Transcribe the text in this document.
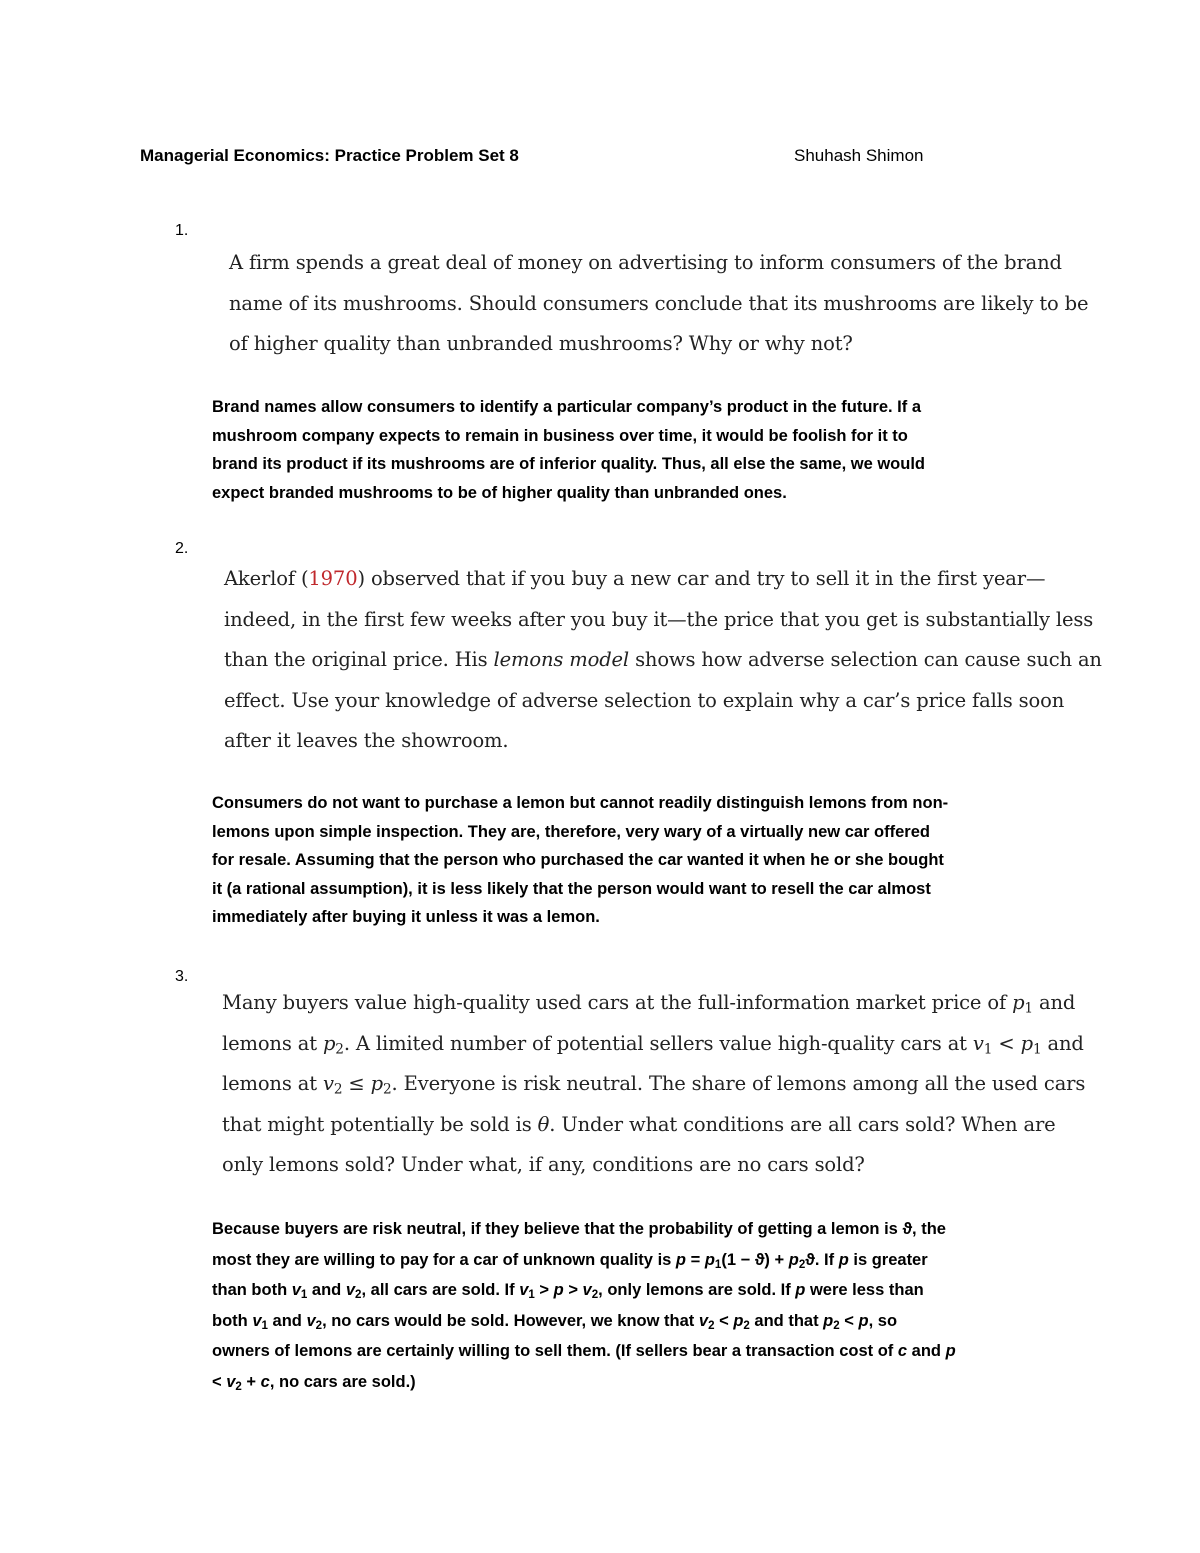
Managerial Economics: Practice Problem Set 8	Shuhash Shimon
1.
A firm spends a great deal of money on advertising to inform consumers of the brand
name of its mushrooms. Should consumers conclude that its mushrooms are likely to be
of higher quality than unbranded mushrooms? Why or why not?
Brand names allow consumers to identify a particular company’s product in the future. If a
mushroom company expects to remain in business over time, it would be foolish for it to
brand its product if its mushrooms are of inferior quality. Thus, all else the same, we would
expect branded mushrooms to be of higher quality than unbranded ones.
2.
Akerlof (1970) observed that if you buy a new car and try to sell it in the first year—
indeed, in the first few weeks after you buy it—the price that you get is substantially less
than the original price. His lemons model shows how adverse selection can cause such an
effect. Use your knowledge of adverse selection to explain why a car’s price falls soon
after it leaves the showroom.
Consumers do not want to purchase a lemon but cannot readily distinguish lemons from non-
lemons upon simple inspection. They are, therefore, very wary of a virtually new car offered
for resale. Assuming that the person who purchased the car wanted it when he or she bought
it (a rational assumption), it is less likely that the person would want to resell the car almost
immediately after buying it unless it was a lemon.
3.
Many buyers value high-quality used cars at the full-information market price of $p_1$ and
lemons at $p_2$. A limited number of potential sellers value high-quality cars at $v_1 < p_1$ and
lemons at $v_2 \le p_2$. Everyone is risk neutral. The share of lemons among all the used cars
that might potentially be sold is θ. Under what conditions are all cars sold? When are
only lemons sold? Under what, if any, conditions are no cars sold?
Because buyers are risk neutral, if they believe that the probability of getting a lemon is ϑ, the
most they are willing to pay for a car of unknown quality is $p = p_1(1 - ϑ) + p_2ϑ$. If p is greater
than both $v_1$ and $v_2$, all cars are sold. If $v_1 > p > v_2$, only lemons are sold. If p were less than
both $v_1$ and $v_2$, no cars would be sold. However, we know that $v_2 < p_2$ and that $p_2 < p$, so
owners of lemons are certainly willing to sell them. (If sellers bear a transaction cost of c and p
< $v_2 + c$, no cars are sold.)
